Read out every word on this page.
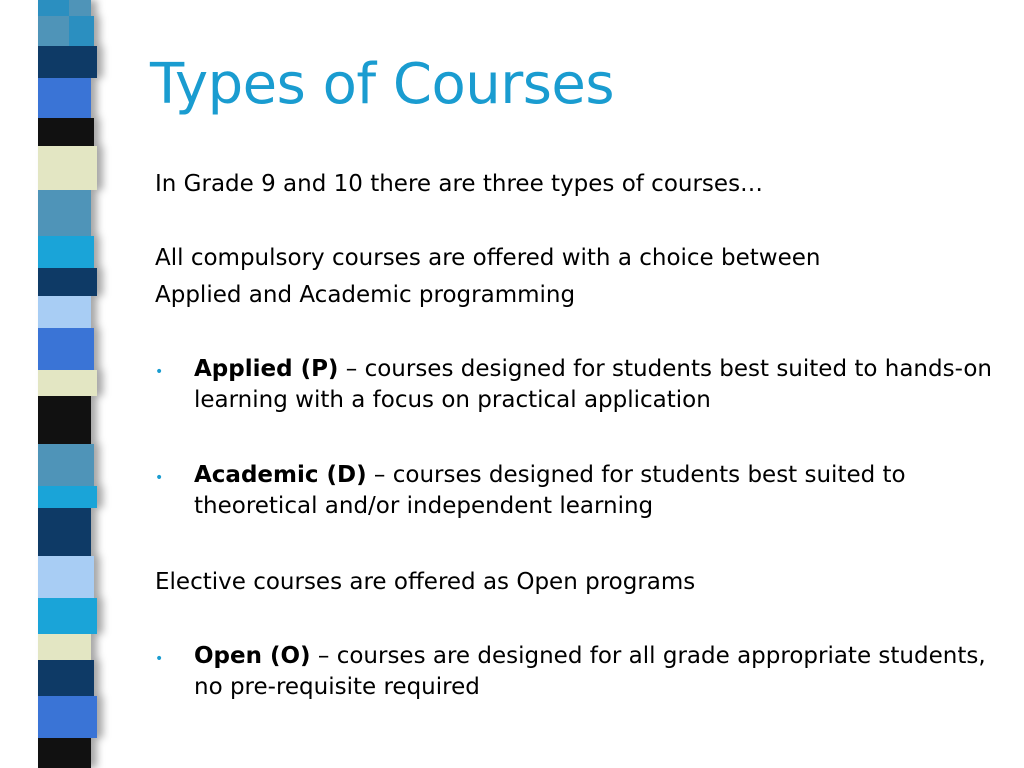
Types of Courses

In Grade 9 and 10 there are three types of courses…

All compulsory courses are offered with a choice between

Applied and Academic programming

• Applied (P) – courses designed for students best suited to hands-on learning with a focus on practical application

• Academic (D) – courses designed for students best suited to theoretical and/or independent learning

Elective courses are offered as Open programs

• Open (O) – courses are designed for all grade appropriate students, no pre-requisite required
